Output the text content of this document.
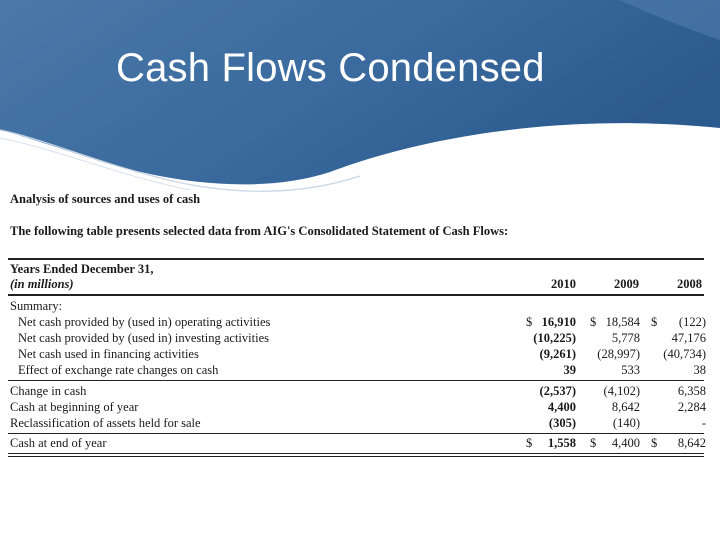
Cash Flows Condensed
Analysis of sources and uses of cash
The following table presents selected data from AIG's Consolidated Statement of Cash Flows:
Years Ended December 31,
(in millions)	2010	2009	2008
Summary:
Net cash provided by (used in) operating activities	$ 16,910 $ 18,584 $ (122)
Net cash provided by (used in) investing activities	(10,225)	5,778	47,176
Net cash used in financing activities	(9,261) (28,997) (40,734)
Effect of exchange rate changes on cash	39	533	38
Change in cash	(2,537) (4,102)	6,358
Cash at beginning of year	4,400	8,642	2,284
Reclassification of assets held for sale	(305)	(140)	-
Cash at end of year	$ 1,558 $ 4,400 $ 8,642
